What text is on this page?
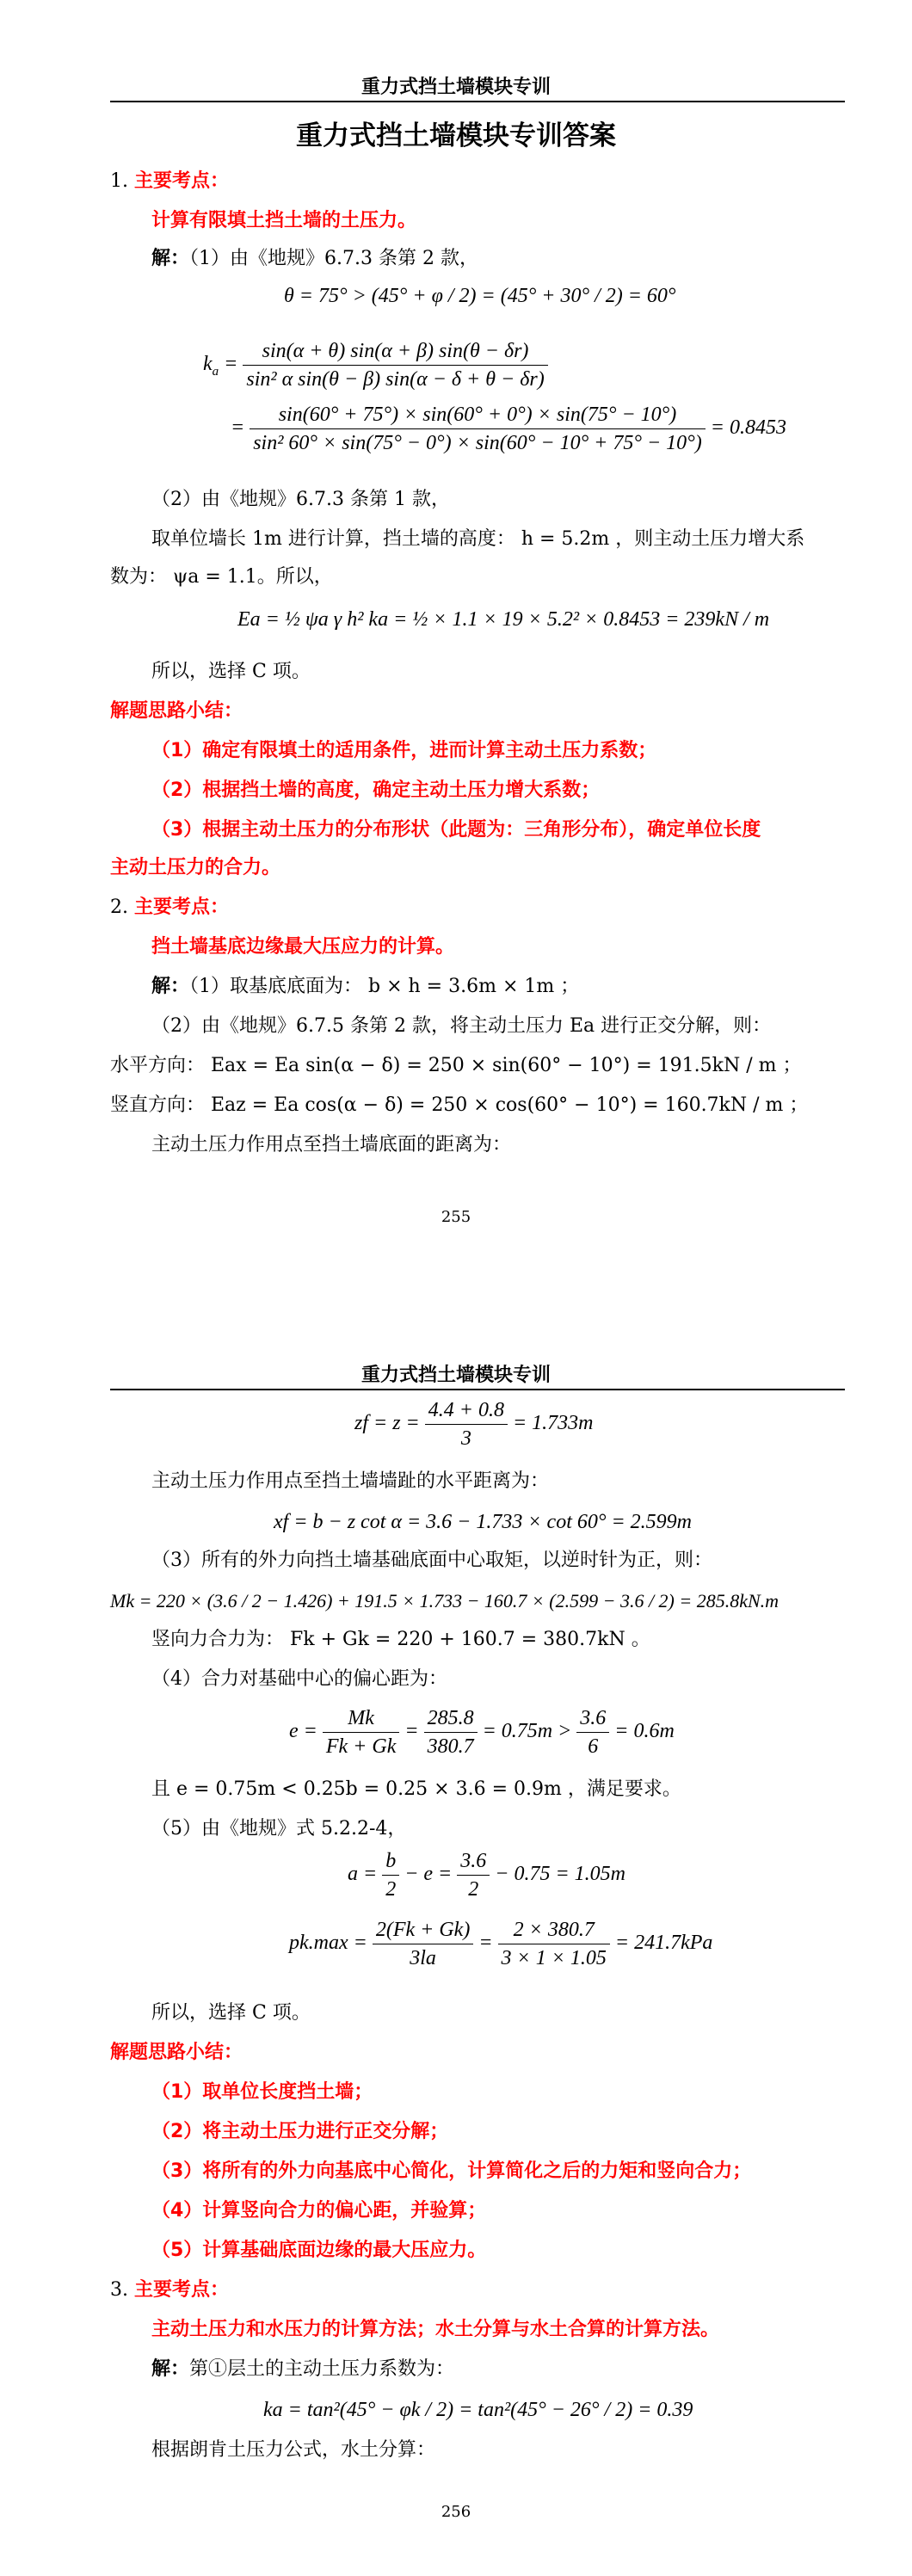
重力式挡土墙模块专训
重力式挡土墙模块专训答案
1. 主要考点：
计算有限填土挡土墙的土压力。
解：（1）由《地规》6.7.3 条第 2 款，
θ = 75° > (45° + φ / 2) = (45° + 30° / 2) = 60°
$k_a = \frac{\sin(\alpha + \theta) \sin(\alpha + \beta) \sin(\theta - \delta r)}{\text{sin² α sin(θ − β) sin(α − δ + θ − δr)}}$
= $\frac{\sin(60^\circ + 75^\circ) \times \sin(60^\circ + 0^\circ) \times \sin(75^\circ - 10^\circ)}{\text{sin² 60° × sin(75° − 0°) × sin(60° − 10° + 75° − 10°)}} = 0.8453$
（2）由《地规》6.7.3 条第 1 款，
取单位墙长 1m 进行计算，挡土墙的高度： h = 5.2m ，则主动土压力增大系
数为： ψa = 1.1。所以，
Ea = ½ ψa γ h² ka = ½ × 1.1 × 19 × 5.2² × 0.8453 = 239kN / m
所以，选择 C 项。
解题思路小结：
（1）确定有限填土的适用条件，进而计算主动土压力系数；
（2）根据挡土墙的高度，确定主动土压力增大系数；
（3）根据主动土压力的分布形状（此题为：三角形分布），确定单位长度
主动土压力的合力。
2. 主要考点：
挡土墙基底边缘最大压应力的计算。
解：（1）取基底底面为： b × h = 3.6m × 1m ；
（2）由《地规》6.7.5 条第 2 款，将主动土压力 Ea 进行正交分解，则：
水平方向： Eax = Ea sin(α − δ) = 250 × sin(60° − 10°) = 191.5kN / m ；
竖直方向： Eaz = Ea cos(α − δ) = 250 × cos(60° − 10°) = 160.7kN / m ；
主动土压力作用点至挡土墙底面的距离为：
255
重力式挡土墙模块专训
zf = $z = \frac{4.4 + 0.8}{3} = 1.733m$
主动土压力作用点至挡土墙墙趾的水平距离为：
xf = b − z cot α = 3.6 − 1.733 × cot 60° = 2.599m
（3）所有的外力向挡土墙基础底面中心取矩，以逆时针为正，则：
Mk = 220 × (3.6 / 2 − 1.426) + 191.5 × 1.733 − 160.7 × (2.599 − 3.6 / 2) = 285.8kN.m
竖向力合力为： Fk + Gk = 220 + 160.7 = 380.7kN 。
（4）合力对基础中心的偏心距为：
$e = \frac{Mk}{Fk + Gk} = \frac{285.8}{380.7} = 0.75m > \frac{3.6}{6} = 0.6m$
且 e = 0.75m < 0.25b = 0.25 × 3.6 = 0.9m ，满足要求。
（5）由《地规》式 5.2.2-4，
$a = \frac{b}{2} - e = \frac{3.6}{2} - 0.75 = 1.05m$
$pk.\max = \frac{2(Fk + Gk)}{3la} = \frac{2 \times 380.7}{3 \times 1 \times 1.05} = 241.7kPa$
所以，选择 C 项。
解题思路小结：
（1）取单位长度挡土墙；
（2）将主动土压力进行正交分解；
（3）将所有的外力向基底中心简化，计算简化之后的力矩和竖向合力；
（4）计算竖向合力的偏心距，并验算；
（5）计算基础底面边缘的最大压应力。
3. 主要考点：
主动土压力和水压力的计算方法；水土分算与水土合算的计算方法。
解：第①层土的主动土压力系数为：
ka = tan²(45° − φk / 2) = tan²(45° − 26° / 2) = 0.39
根据朗肯土压力公式，水土分算：
256
